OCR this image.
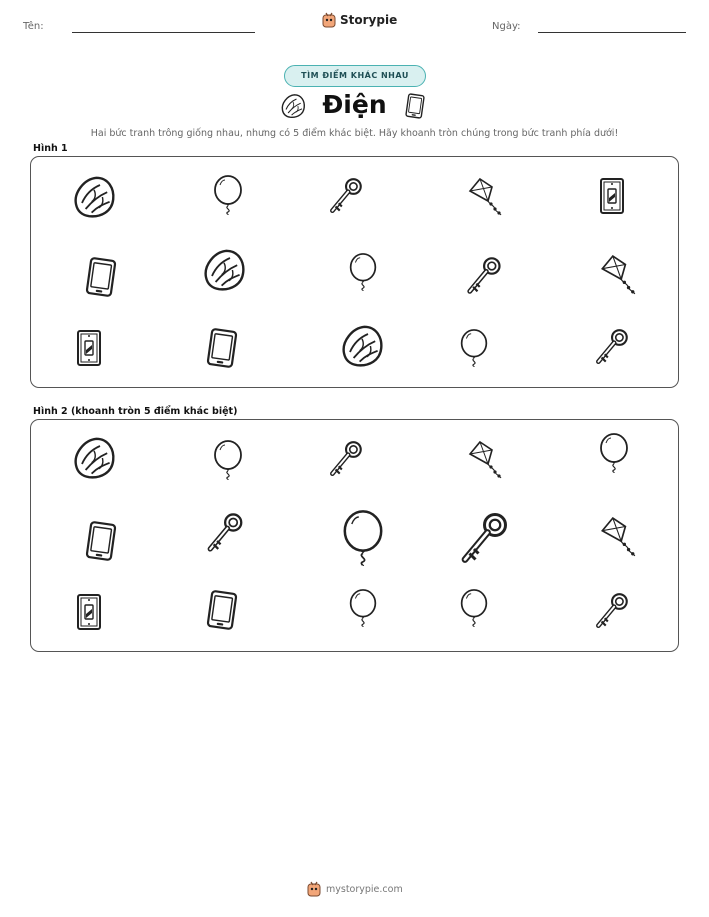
Tên:	Storypie	Ngày:
TÌM ĐIỂM KHÁC NHAU
Điện
Hai bức tranh trông giống nhau, nhưng có 5 điểm khác biệt. Hãy khoanh tròn chúng trong bức tranh phía dưới!
Hình 1
Hình 2 (khoanh tròn 5 điểm khác biệt)
mystorypie.com
